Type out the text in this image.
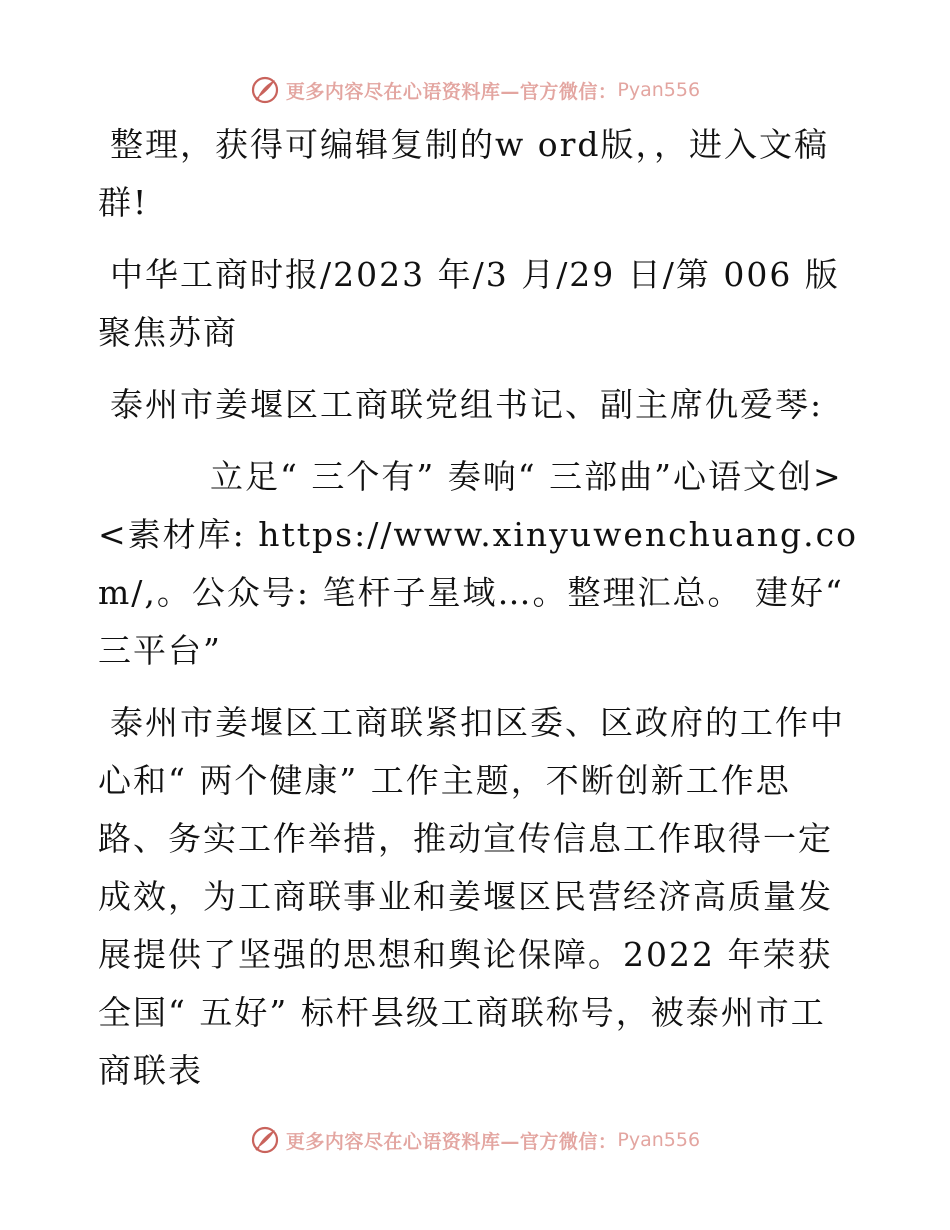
更多内容尽在心语资料库—官方微信： Pyan556

整理，获得可编辑复制的w ord版，，进入文稿群!

中华工商时报/2023 年/3 月/29 日/第 006 版聚焦苏商

泰州市姜堰区工商联党组书记、副主席仇爱琴:

立足“ 三个有” 奏响“ 三部曲”心语文创><素材库: https://www.xinyuwenchuang.com/,。公众号: 笔杆子星域…。整理汇总。 建好“ 三平台”

泰州市姜堰区工商联紧扣区委、区政府的工作中心和“ 两个健康” 工作主题，不断创新工作思路、务实工作举措，推动宣传信息工作取得一定成效，为工商联事业和姜堰区民营经济高质量发展提供了坚强的思想和舆论保障。2022 年荣获全国“ 五好” 标杆县级工商联称号，被泰州市工商联表

更多内容尽在心语资料库—官方微信： Pyan556
